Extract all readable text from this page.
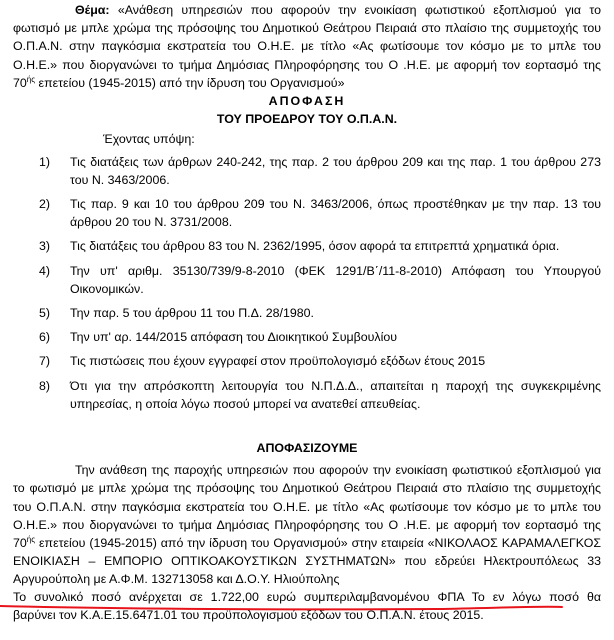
Θέμα: «Ανάθεση υπηρεσιών που αφορούν την ενοικίαση φωτιστικού εξοπλισμού για το φωτισμό με μπλε χρώμα της πρόσοψης του Δημοτικού Θεάτρου Πειραιά στο πλαίσιο της συμμετοχής του Ο.Π.Α.Ν. στην παγκόσμια εκστρατεία του Ο.Η.Ε. με τίτλο «Ας φωτίσουμε τον κόσμο με το μπλε του Ο.Η.Ε.» που διοργανώνει το τμήμα Δημόσιας Πληροφόρησης του Ο .Η.Ε. με αφορμή τον εορτασμό της $70^{ή\varsigma}$ επετείου (1945-2015) από την ίδρυση του Οργανισμού»

ΑΠΟΦΑΣΗ

ΤΟΥ ΠΡΟΕΔΡΟΥ ΤΟΥ Ο.Π.Α.Ν.

Έχοντας υπόψη:

1) Τις διατάξεις των άρθρων 240-242, της παρ. 2 του άρθρου 209 και της παρ. 1 του άρθρου 273 του Ν. 3463/2006.
2) Τις παρ. 9 και 10 του άρθρου 209 του Ν. 3463/2006, όπως προστέθηκαν με την παρ. 13 του άρθρου 20 του Ν. 3731/2008.
3) Τις διατάξεις του άρθρου 83 του Ν. 2362/1995, όσον αφορά τα επιτρεπτά χρηματικά όρια.
4) Την υπ' αριθμ. 35130/739/9-8-2010 (ΦΕΚ 1291/Β΄/11-8-2010) Απόφαση του Υπουργού Οικονομικών.
5) Την παρ. 5 του άρθρου 11 του Π.Δ. 28/1980.
6) Την υπ' αρ. 144/2015 απόφαση του Διοικητικού Συμβουλίου
7) Τις πιστώσεις που έχουν εγγραφεί στον προϋπολογισμό εξόδων έτους 2015
8) Ότι για την απρόσκοπτη λειτουργία του Ν.Π.Δ.Δ., απαιτείται η παροχή της συγκεκριμένης υπηρεσίας, η οποία λόγω ποσού μπορεί να ανατεθεί απευθείας.

ΑΠΟΦΑΣΙΖΟΥΜΕ

Την ανάθεση της παροχής υπηρεσιών που αφορούν την ενοικίαση φωτιστικού εξοπλισμού για το φωτισμό με μπλε χρώμα της πρόσοψης του Δημοτικού Θεάτρου Πειραιά στο πλαίσιο της συμμετοχής του Ο.Π.Α.Ν. στην παγκόσμια εκστρατεία του Ο.Η.Ε. με τίτλο «Ας φωτίσουμε τον κόσμο με το μπλε του Ο.Η.Ε.» που διοργανώνει το τμήμα Δημόσιας Πληροφόρησης του Ο .Η.Ε. με αφορμή τον εορτασμό της $70^{ή\varsigma}$ επετείου (1945-2015) από την ίδρυση του Οργανισμού» στην εταιρεία «ΝΙΚΟΛΑΟΣ ΚΑΡΑΜΑΛΕΓΚΟΣ ΕΝΟΙΚΙΑΣΗ – ΕΜΠΟΡΙΟ ΟΠΤΙΚΟΑΚΟΥΣΤΙΚΩΝ ΣΥΣΤΗΜΑΤΩΝ» που εδρεύει Ηλεκτρουπόλεως 33 Αργυρούπολη με Α.Φ.Μ. 132713058 και Δ.Ο.Υ. Ηλιούπολης

Το συνολικό ποσό ανέρχεται σε 1.722,00 ευρώ συμπεριλαμβανομένου ΦΠΑ Το εν λόγω ποσό θα

βαρύνει τον Κ.Α.Ε.15.6471.01 του προϋπολογισμού εξόδων του Ο.Π.Α.Ν. έτους 2015.
